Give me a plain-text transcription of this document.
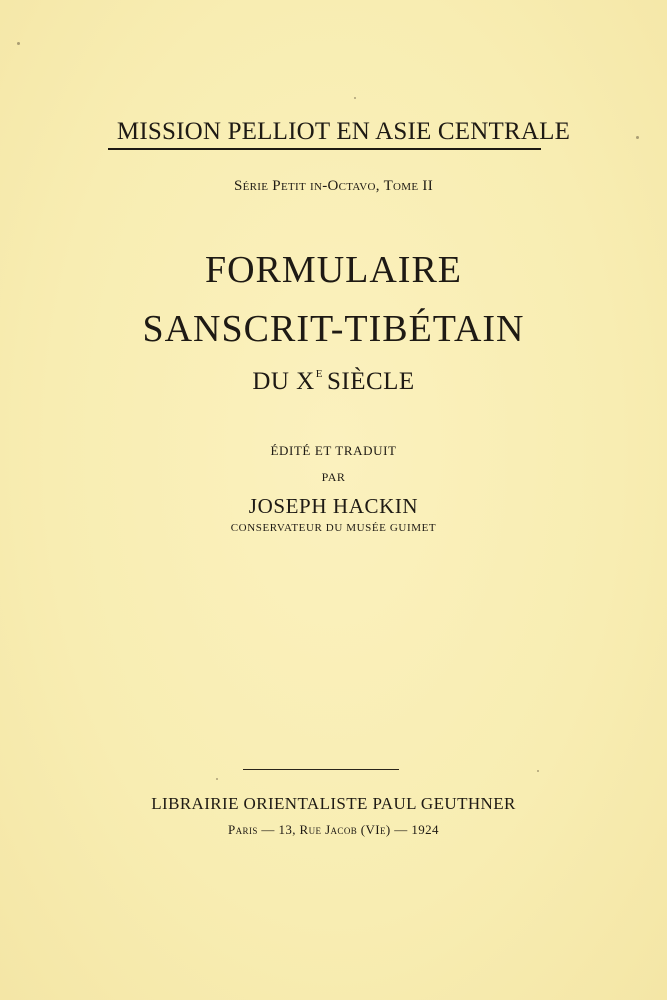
MISSION PELLIOT EN ASIE CENTRALE
Série Petit in-Octavo, Tome II
FORMULAIRE
SANSCRIT-TIBÉTAIN
DU $X^E$ SIÈCLE
ÉDITÉ ET TRADUIT
PAR
JOSEPH HACKIN
CONSERVATEUR DU MUSÉE GUIMET
LIBRAIRIE ORIENTALISTE PAUL GEUTHNER
Paris — 13, Rue Jacob (VIe) — 1924
